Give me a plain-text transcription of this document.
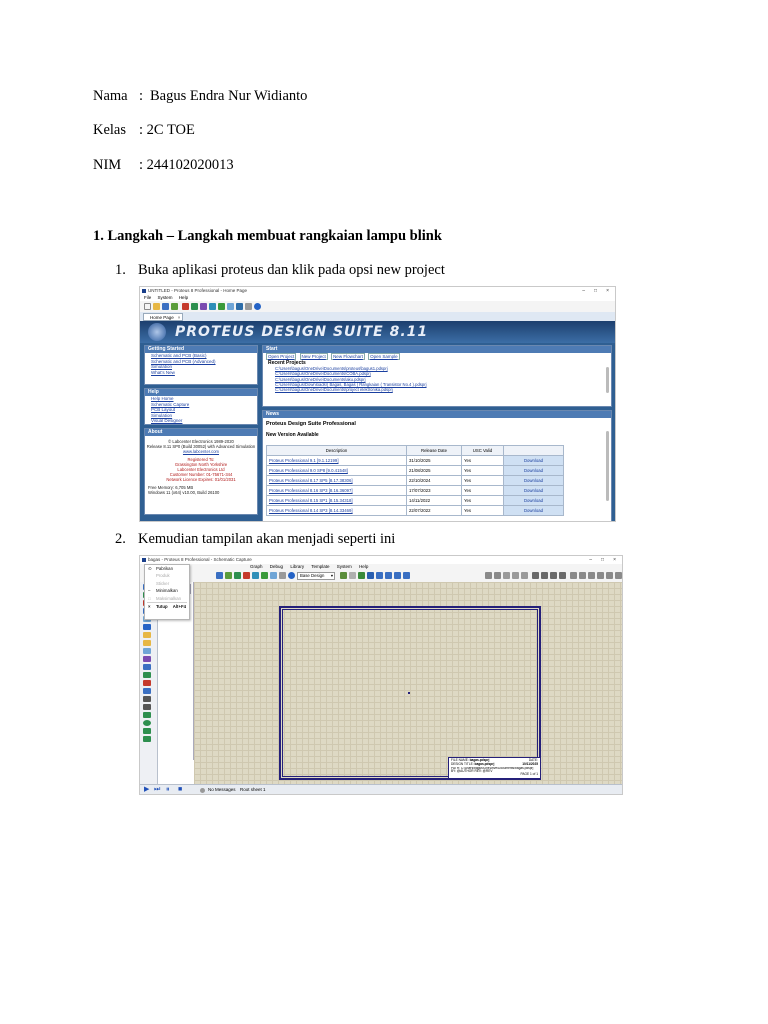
Nama : Bagus Endra Nur Widianto
Kelas : 2C TOE
NIM : 244102020013
1. Langkah – Langkah membuat rangkaian lampu blink
1. Buka aplikasi proteus dan klik pada opsi new project
UNTITLED - Proteus 8 Professional - Home Page	– □ ×
File System Help
Home Page ×
PROTEUS DESIGN SUITE 8.11
Getting Started
Schematic and PCB (Basic)
Schematic and PCB (Advanced)
Simulation
What's New
Help
Help Home
Schematic Capture
PCB Layout
Simulation
Visual Designer
About
© Labcenter Electronics 1989-2020
Release 8.11 SP0 (Build 30052) with Advanced Simulation
www.labcenter.com
Registered To:
Grassington North Yorkshire
Labcenter Electronics Ltd
Customer Number: 01-75671-344
Network Licence Expires: 01/01/2031
Free Memory: 6,705 MB
Windows 11 (x64) v10.00, Build 26100
Start
Open Project New Project New Flowchart Open Sample
Recent Projects
C:\Users\bagus\OneDrive\Documents\proteus\bagus1.pdsprj
C:\Users\bagus\OneDrive\Documents\COBA.pdsprj
C:\Users\bagus\OneDrive\Documents\aku.pdsprj
C:\Users\bagus\Downloads\( Bagas, Bagas ) Rangkaian ( Transistor No.4 ).pdsprj
C:\Users\bagus\OneDrive\Documents\project elektronika.pdsprj
News
Proteus Design Suite Professional
New Version Available
Description	Release Date	USC Valid	
Proteus Professional 9.1 [9.1.12199]	31/10/2025	Yes	Download
Proteus Professional 9.0 SP8 [9.0.41548]	21/08/2025	Yes	Download
Proteus Professional 8.17 SP5 [8.17.38306]	22/10/2024	Yes	Download
Proteus Professional 8.16 SP3 [8.16.36097]	17/07/2023	Yes	Download
Proteus Professional 8.15 SP1 [8.15.34318]	14/11/2022	Yes	Download
Proteus Professional 8.14 SP3 [8.14.33469]	22/07/2022	Yes	Download
2. Kemudian tampilan akan menjadi seperti ini
bagas - Proteus 8 Professional - Schematic Capture	– □ ×
Graph Debug Library Template System Help
Base Design ▾
FILE NAME: bagas.pdsprj
DESIGN TITLE: bagas.pdsprj
PATH: C:\Users\bagus\OneDrive\Documents\bagas.pdsprj
BY: @AUTHOR REV: @REV
DATE:
10/11/2025
PAGE 1 of 1
▶ ⏭ ⏸ ■	No Messages Root sheet 1
⊙ Pabrikan
Produk
Sticker
– Minimalkan
□ Maksimalkan
× Tutup Alt+F4
